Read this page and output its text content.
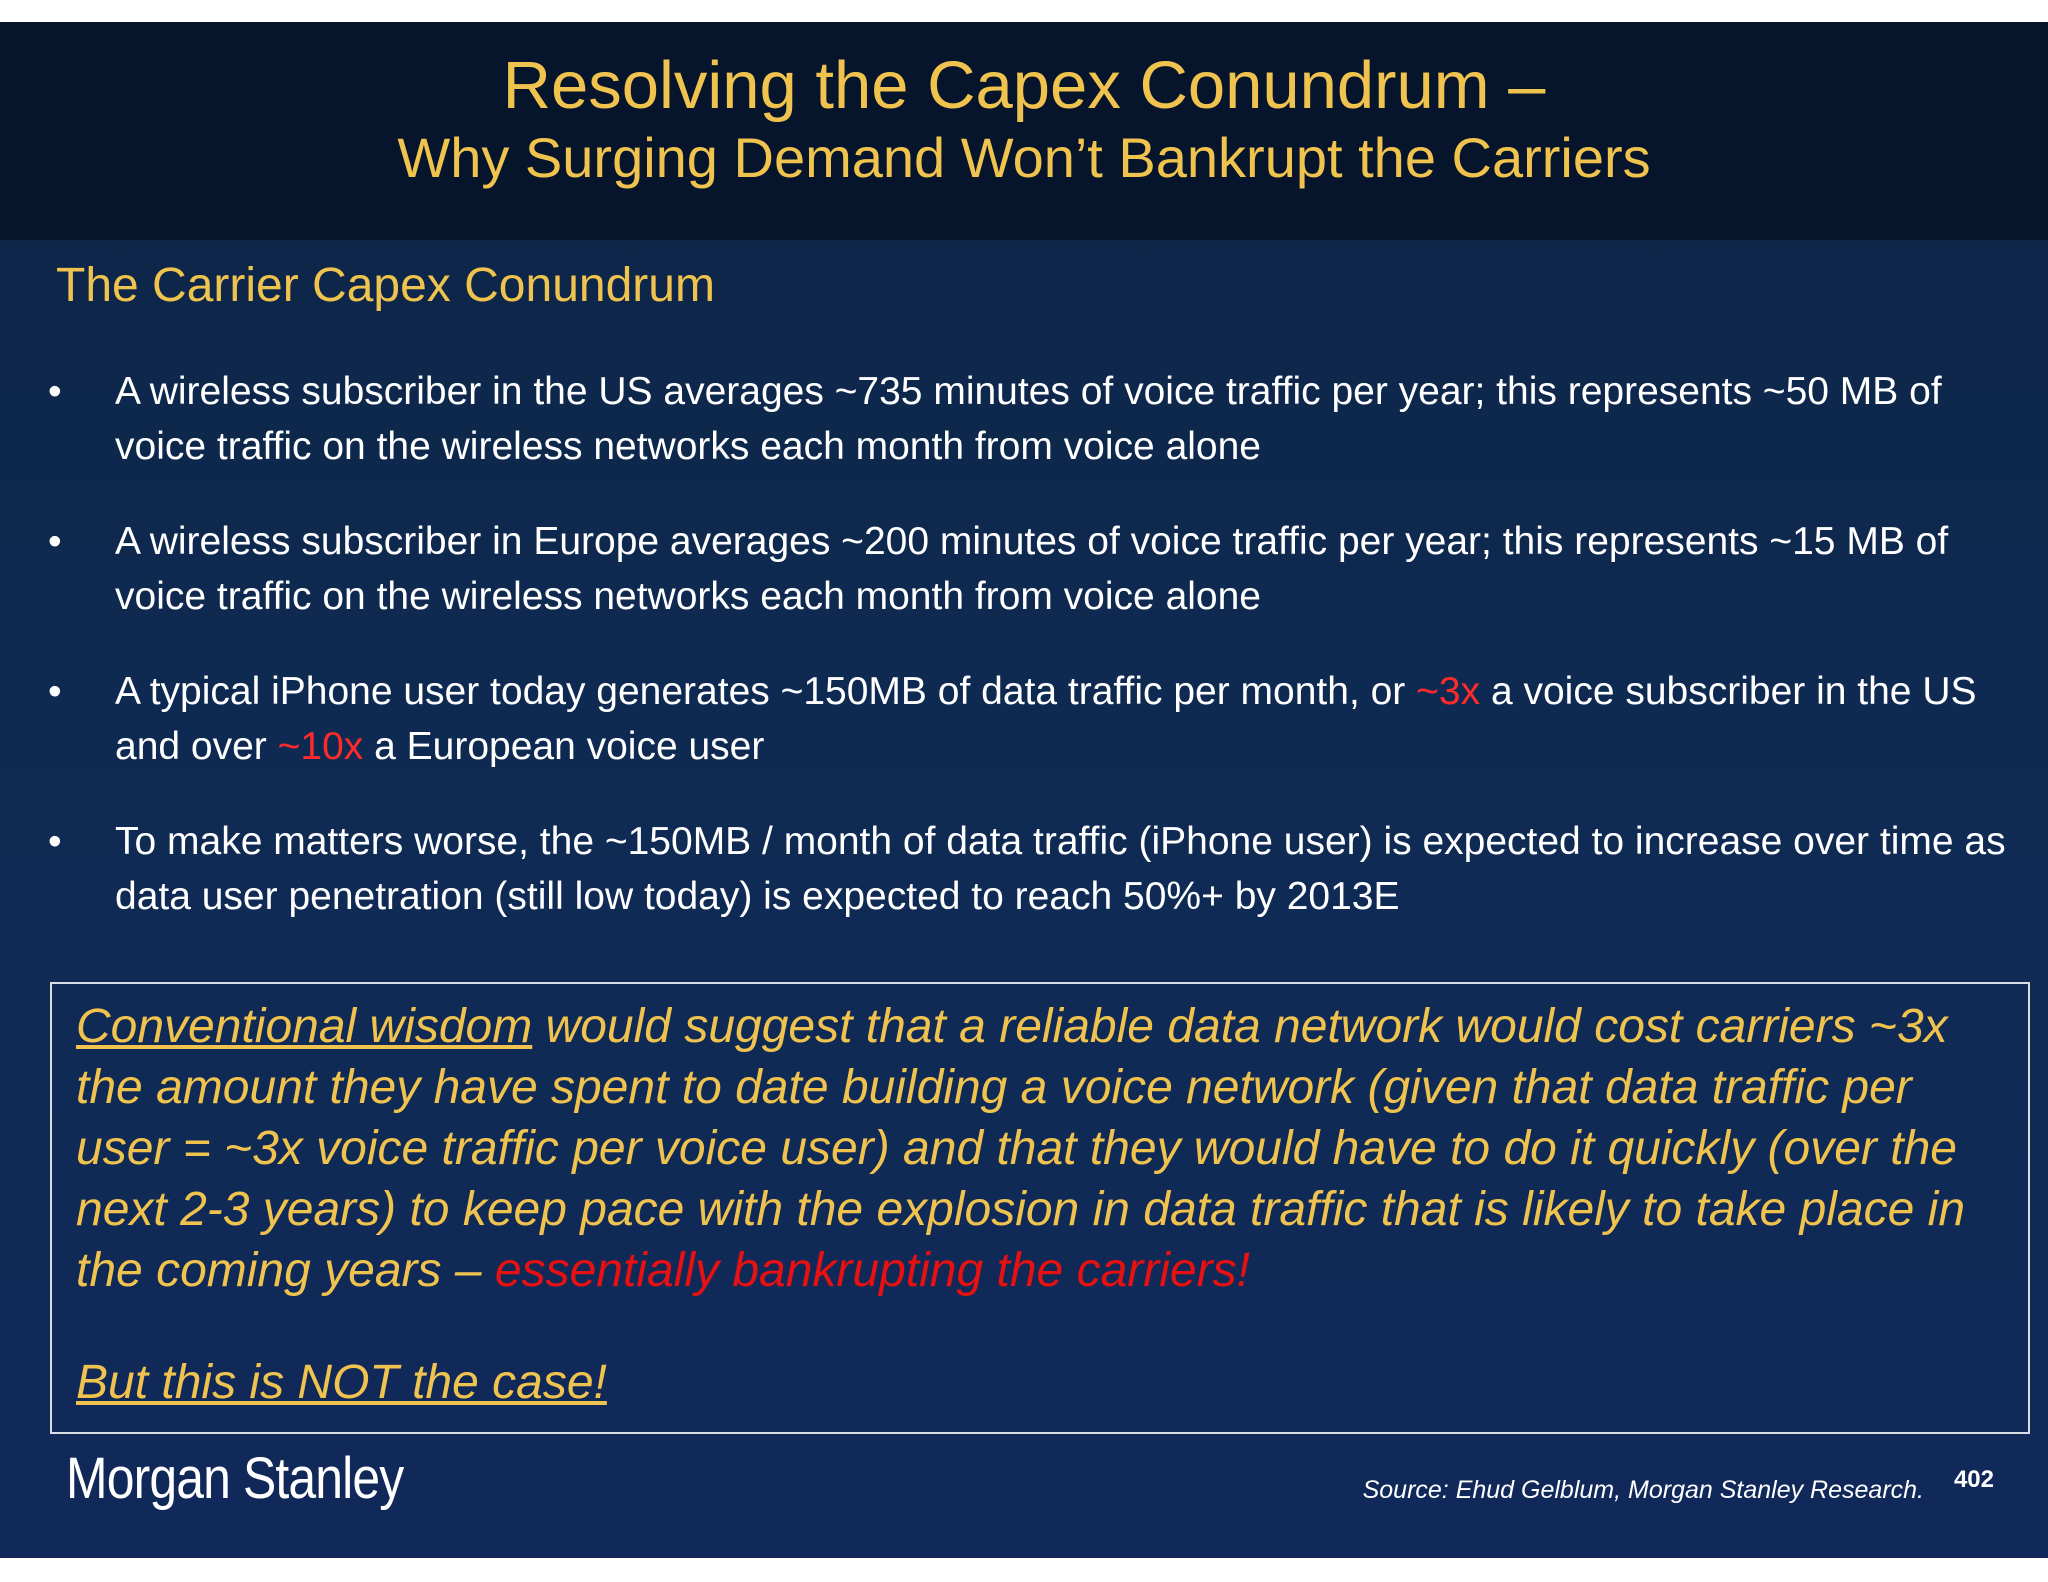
Resolving the Capex Conundrum –
Why Surging Demand Won’t Bankrupt the Carriers
The Carrier Capex Conundrum
•	A wireless subscriber in the US averages ~735 minutes of voice traffic per year; this represents ~50 MB of voice traffic on the wireless networks each month from voice alone
•	A wireless subscriber in Europe averages ~200 minutes of voice traffic per year; this represents ~15 MB of voice traffic on the wireless networks each month from voice alone
•	A typical iPhone user today generates ~150MB of data traffic per month, or ~3x a voice subscriber in the US and over ~10x a European voice user
•	To make matters worse, the ~150MB / month of data traffic (iPhone user) is expected to increase over time as data user penetration (still low today) is expected to reach 50%+ by 2013E

Conventional wisdom would suggest that a reliable data network would cost carriers ~3x the amount they have spent to date building a voice network (given that data traffic per user = ~3x voice traffic per voice user) and that they would have to do it quickly (over the next 2-3 years) to keep pace with the explosion in data traffic that is likely to take place in the coming years – essentially bankrupting the carriers!

But this is NOT the case!
Morgan Stanley	Source: Ehud Gelblum, Morgan Stanley Research. 402
